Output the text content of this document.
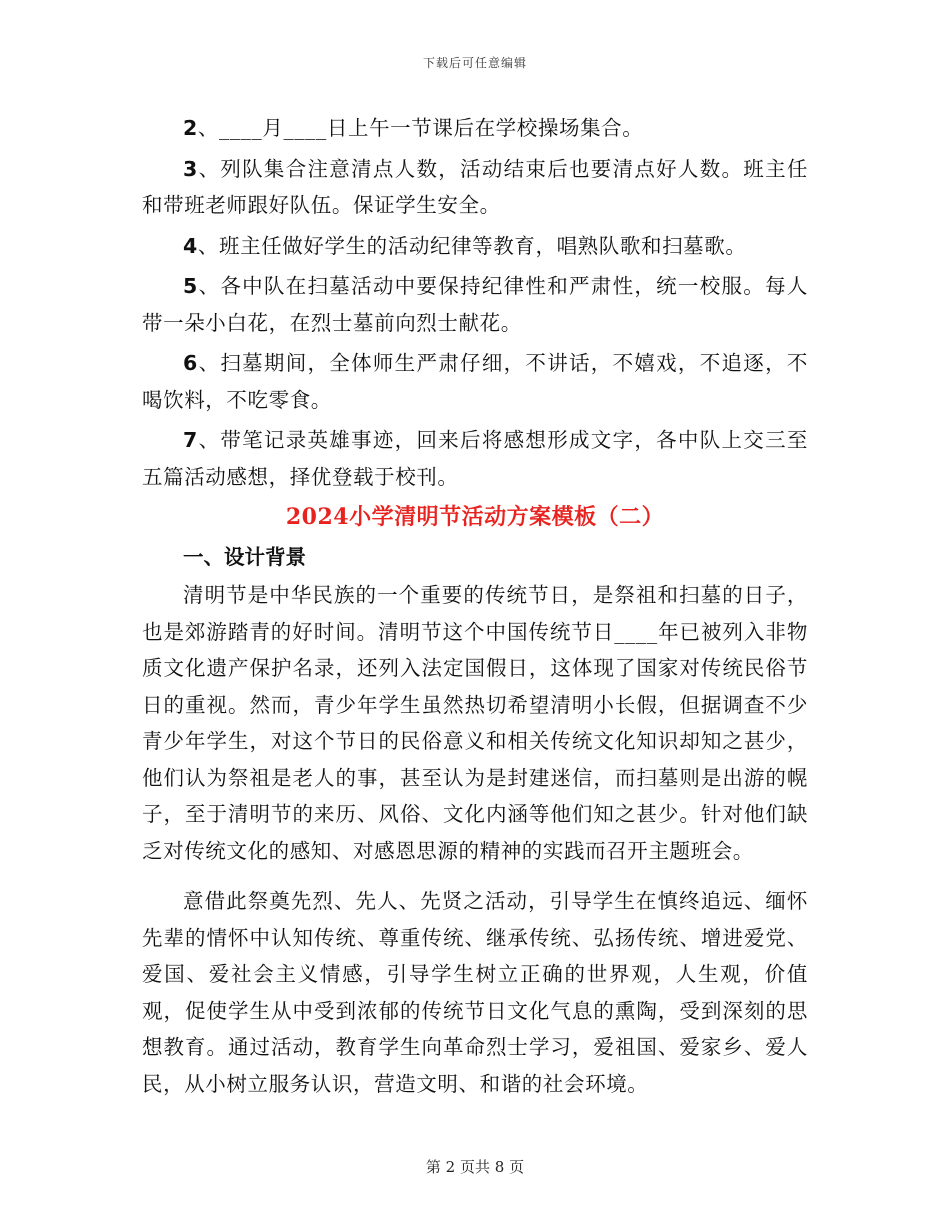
下载后可任意编辑

2、____月____日上午一节课后在学校操场集合。

3、列队集合注意清点人数，活动结束后也要清点好人数。班主任和带班老师跟好队伍。保证学生安全。

4、班主任做好学生的活动纪律等教育，唱熟队歌和扫墓歌。

5、各中队在扫墓活动中要保持纪律性和严肃性，统一校服。每人带一朵小白花，在烈士墓前向烈士献花。

6、扫墓期间，全体师生严肃仔细，不讲话，不嬉戏，不追逐，不喝饮料，不吃零食。

7、带笔记录英雄事迹，回来后将感想形成文字，各中队上交三至五篇活动感想，择优登载于校刊。

2024小学清明节活动方案模板（二）
一、设计背景

清明节是中华民族的一个重要的传统节日，是祭祖和扫墓的日子，也是郊游踏青的好时间。清明节这个中国传统节日____年已被列入非物质文化遗产保护名录，还列入法定国假日，这体现了国家对传统民俗节日的重视。然而，青少年学生虽然热切希望清明小长假，但据调查不少青少年学生，对这个节日的民俗意义和相关传统文化知识却知之甚少，他们认为祭祖是老人的事，甚至认为是封建迷信，而扫墓则是出游的幌子，至于清明节的来历、风俗、文化内涵等他们知之甚少。针对他们缺乏对传统文化的感知、对感恩思源的精神的实践而召开主题班会。

意借此祭奠先烈、先人、先贤之活动，引导学生在慎终追远、缅怀先辈的情怀中认知传统、尊重传统、继承传统、弘扬传统、增进爱党、爱国、爱社会主义情感，引导学生树立正确的世界观，人生观，价值观，促使学生从中受到浓郁的传统节日文化气息的熏陶，受到深刻的思想教育。通过活动，教育学生向革命烈士学习，爱祖国、爱家乡、爱人民，从小树立服务认识，营造文明、和谐的社会环境。

第 2 页共 8 页
